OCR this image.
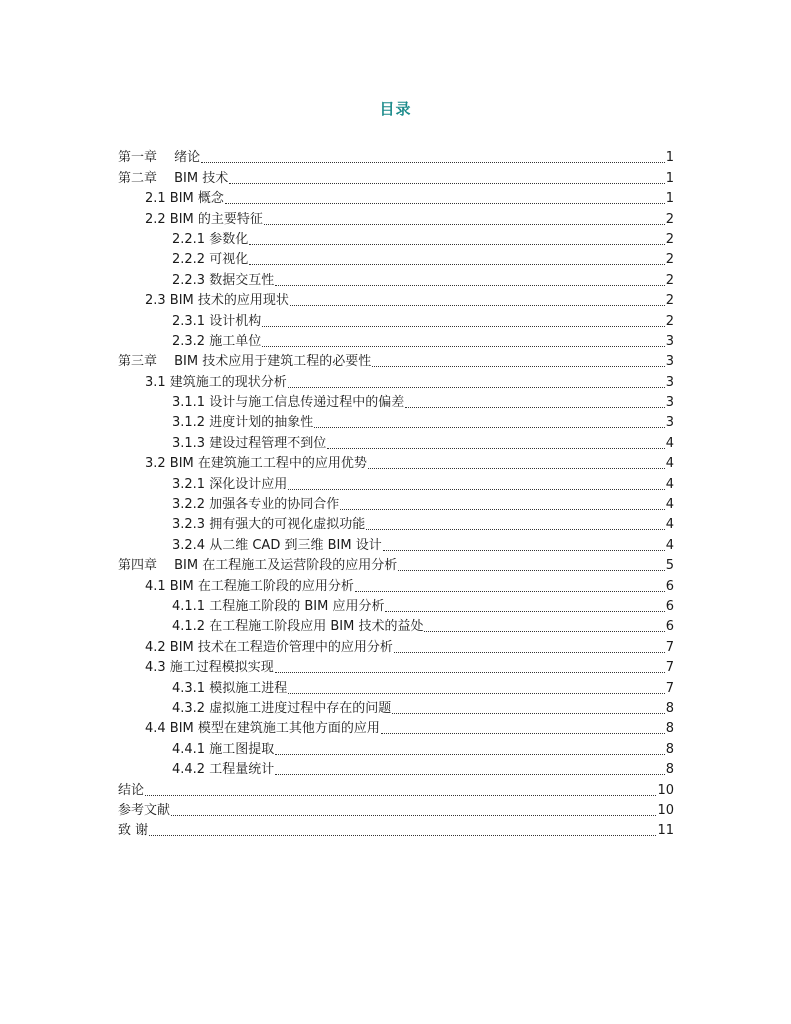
目录
第一章　 绪论	1
第二章　 BIM 技术	1
2.1 BIM 概念	1
2.2 BIM 的主要特征	2
2.2.1 参数化	2
2.2.2 可视化	2
2.2.3 数据交互性	2
2.3 BIM 技术的应用现状	2
2.3.1 设计机构	2
2.3.2 施工单位	3
第三章　 BIM 技术应用于建筑工程的必要性	3
3.1 建筑施工的现状分析	3
3.1.1 设计与施工信息传递过程中的偏差	3
3.1.2 进度计划的抽象性	3
3.1.3 建设过程管理不到位	4
3.2 BIM 在建筑施工工程中的应用优势	4
3.2.1 深化设计应用	4
3.2.2 加强各专业的协同合作	4
3.2.3 拥有强大的可视化虚拟功能	4
3.2.4 从二维 CAD 到三维 BIM 设计	4
第四章　 BIM 在工程施工及运营阶段的应用分析	5
4.1 BIM 在工程施工阶段的应用分析	6
4.1.1 工程施工阶段的 BIM 应用分析	6
4.1.2 在工程施工阶段应用 BIM 技术的益处	6
4.2 BIM 技术在工程造价管理中的应用分析	7
4.3 施工过程模拟实现	7
4.3.1 模拟施工进程	7
4.3.2 虚拟施工进度过程中存在的问题	8
4.4 BIM 模型在建筑施工其他方面的应用	8
4.4.1 施工图提取	8
4.4.2 工程量统计	8
结论	10
参考文献	10
致 谢	11
